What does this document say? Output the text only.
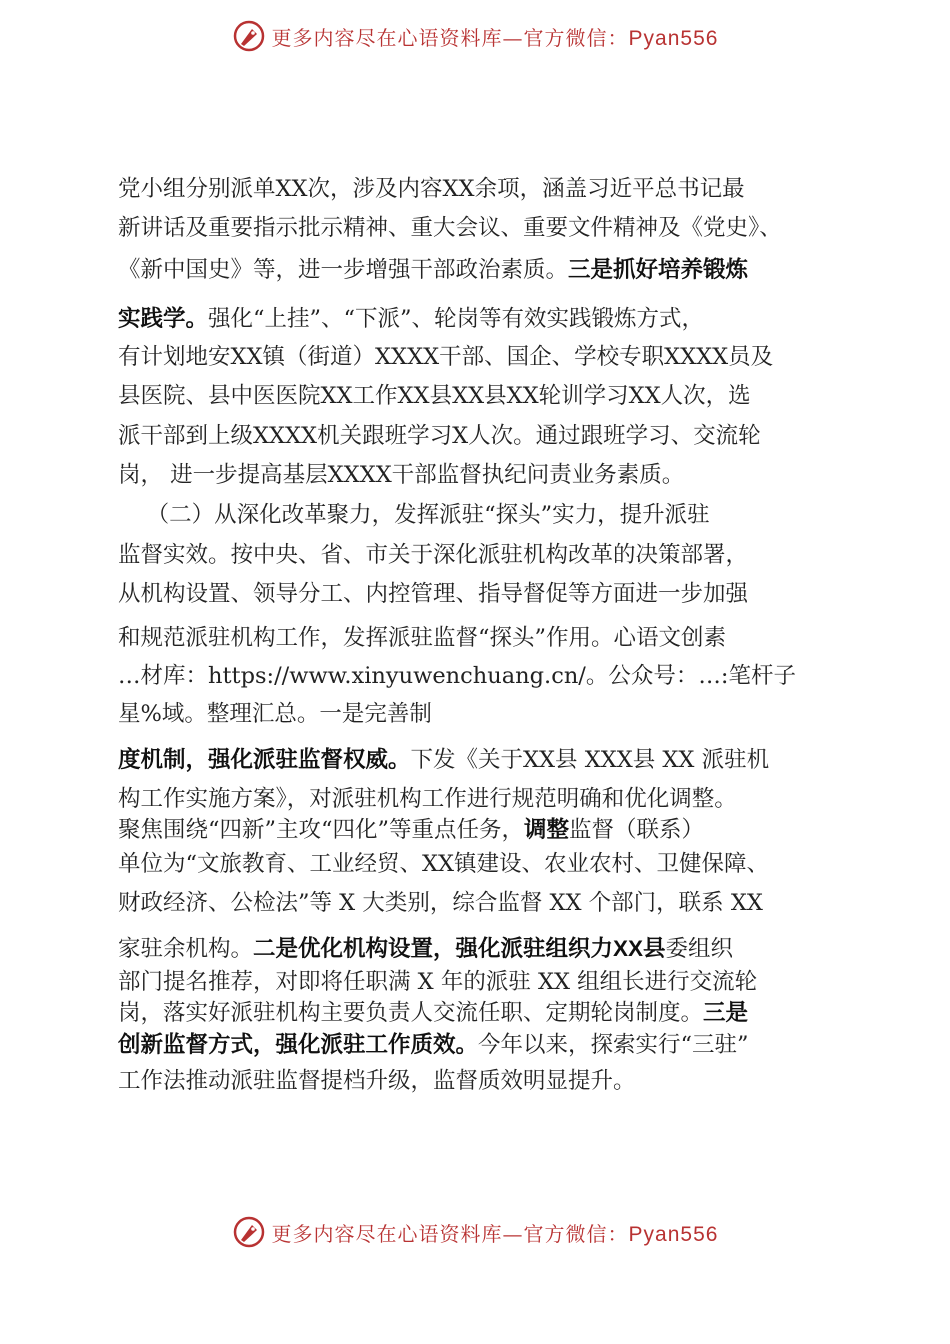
更多内容尽在心语资料库—官方微信：Pyan556
党小组分别派单XX次，涉及内容XX余项，涵盖习近平总书记最
新讲话及重要指示批示精神、重大会议、重要文件精神及《党史》、
《新中国史》等，进一步增强干部政治素质。三是抓好培养锻炼
实践学。强化“上挂”、“下派”、轮岗等有效实践锻炼方式，
有计划地安XX镇（街道）XXXX干部、国企、学校专职XXXX员及
县医院、县中医医院XX工作XX县XX县XX轮训学习XX人次，选
派干部到上级XXXX机关跟班学习X人次。通过跟班学习、交流轮
岗， 进一步提高基层XXXX干部监督执纪问责业务素质。
（二）从深化改革聚力，发挥派驻“探头”实力，提升派驻
监督实效。按中央、省、市关于深化派驻机构改革的决策部署，
从机构设置、领导分工、内控管理、指导督促等方面进一步加强
和规范派驻机构工作，发挥派驻监督“探头”作用。心语文创素
…材库：https://www.xinyuwenchuang.cn/。公众号：…:笔杆子
星%域。整理汇总。一是完善制
度机制，强化派驻监督权威。下发《关于XX县 XXX县 XX 派驻机
构工作实施方案》，对派驻机构工作进行规范明确和优化调整。
聚焦围绕“四新”主攻“四化”等重点任务，调整监督（联系）
单位为“文旅教育、工业经贸、XX镇建设、农业农村、卫健保障、
财政经济、公检法”等 X 大类别，综合监督 XX 个部门，联系 XX
家驻余机构。二是优化机构设置，强化派驻组织力XX县委组织
部门提名推荐，对即将任职满 X 年的派驻 XX 组组长进行交流轮
岗，落实好派驻机构主要负责人交流任职、定期轮岗制度。三是
创新监督方式，强化派驻工作质效。今年以来，探索实行“三驻”
工作法推动派驻监督提档升级，监督质效明显提升。
更多内容尽在心语资料库—官方微信：Pyan556
